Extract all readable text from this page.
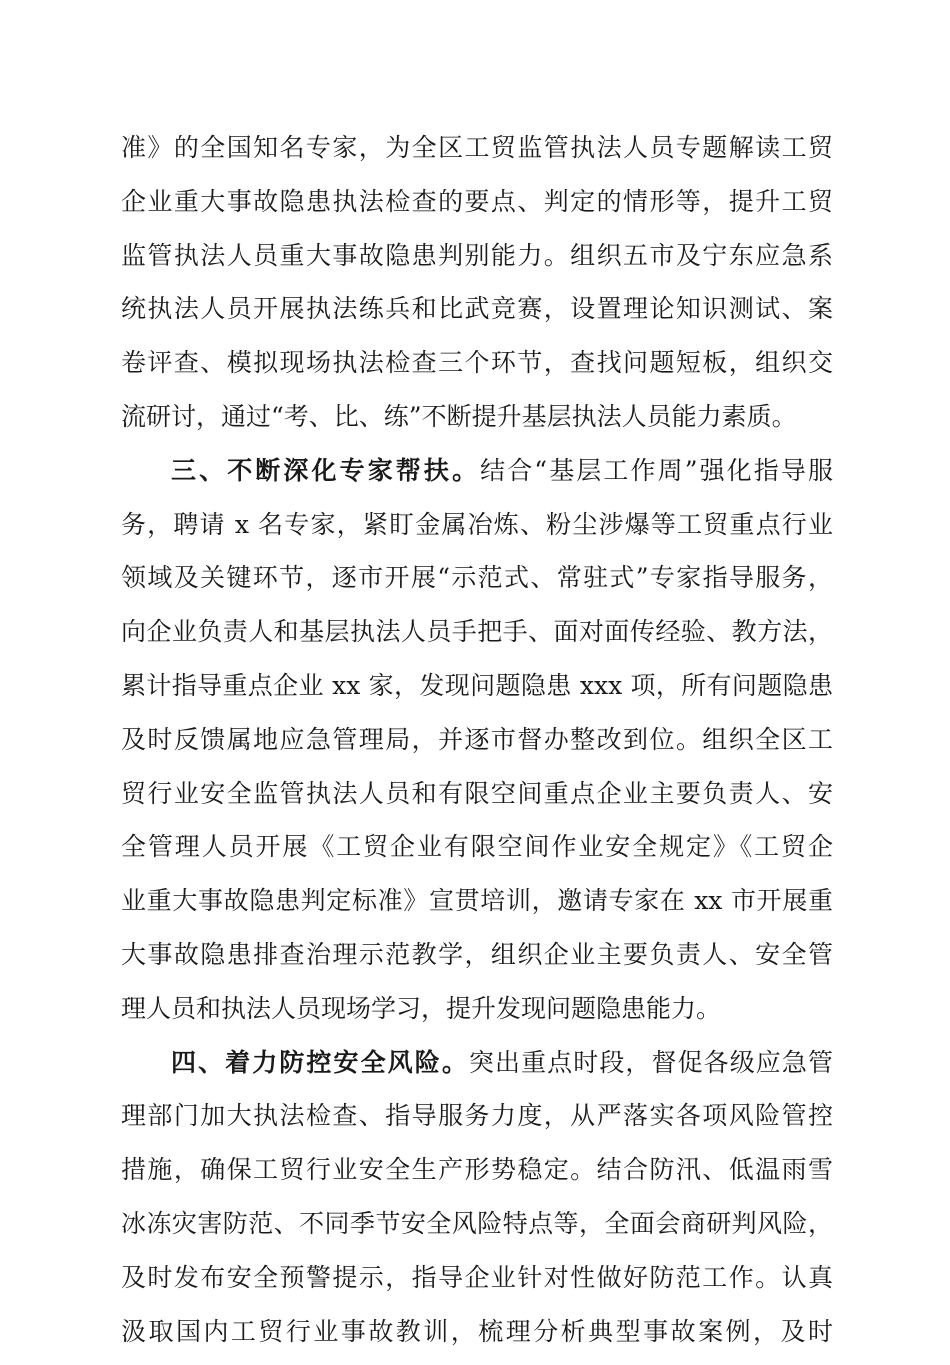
准》的全国知名专家，为全区工贸监管执法人员专题解读工贸
企业重大事故隐患执法检查的要点、判定的情形等，提升工贸
监管执法人员重大事故隐患判别能力。组织五市及宁东应急系
统执法人员开展执法练兵和比武竞赛，设置理论知识测试、案
卷评查、模拟现场执法检查三个环节，查找问题短板，组织交
流研讨，通过“考、比、练”不断提升基层执法人员能力素质。
三、不断深化专家帮扶。结合“基层工作周”强化指导服
务，聘请 x 名专家，紧盯金属冶炼、粉尘涉爆等工贸重点行业
领域及关键环节，逐市开展“示范式、常驻式”专家指导服务，
向企业负责人和基层执法人员手把手、面对面传经验、教方法，
累计指导重点企业 xx 家，发现问题隐患 xxx 项，所有问题隐患
及时反馈属地应急管理局，并逐市督办整改到位。组织全区工
贸行业安全监管执法人员和有限空间重点企业主要负责人、安
全管理人员开展《工贸企业有限空间作业安全规定》《工贸企
业重大事故隐患判定标准》宣贯培训，邀请专家在 xx 市开展重
大事故隐患排查治理示范教学，组织企业主要负责人、安全管
理人员和执法人员现场学习，提升发现问题隐患能力。
四、着力防控安全风险。突出重点时段，督促各级应急管
理部门加大执法检查、指导服务力度，从严落实各项风险管控
措施，确保工贸行业安全生产形势稳定。结合防汛、低温雨雪
冰冻灾害防范、不同季节安全风险特点等，全面会商研判风险，
及时发布安全预警提示，指导企业针对性做好防范工作。认真
汲取国内工贸行业事故教训，梳理分析典型事故案例，及时
